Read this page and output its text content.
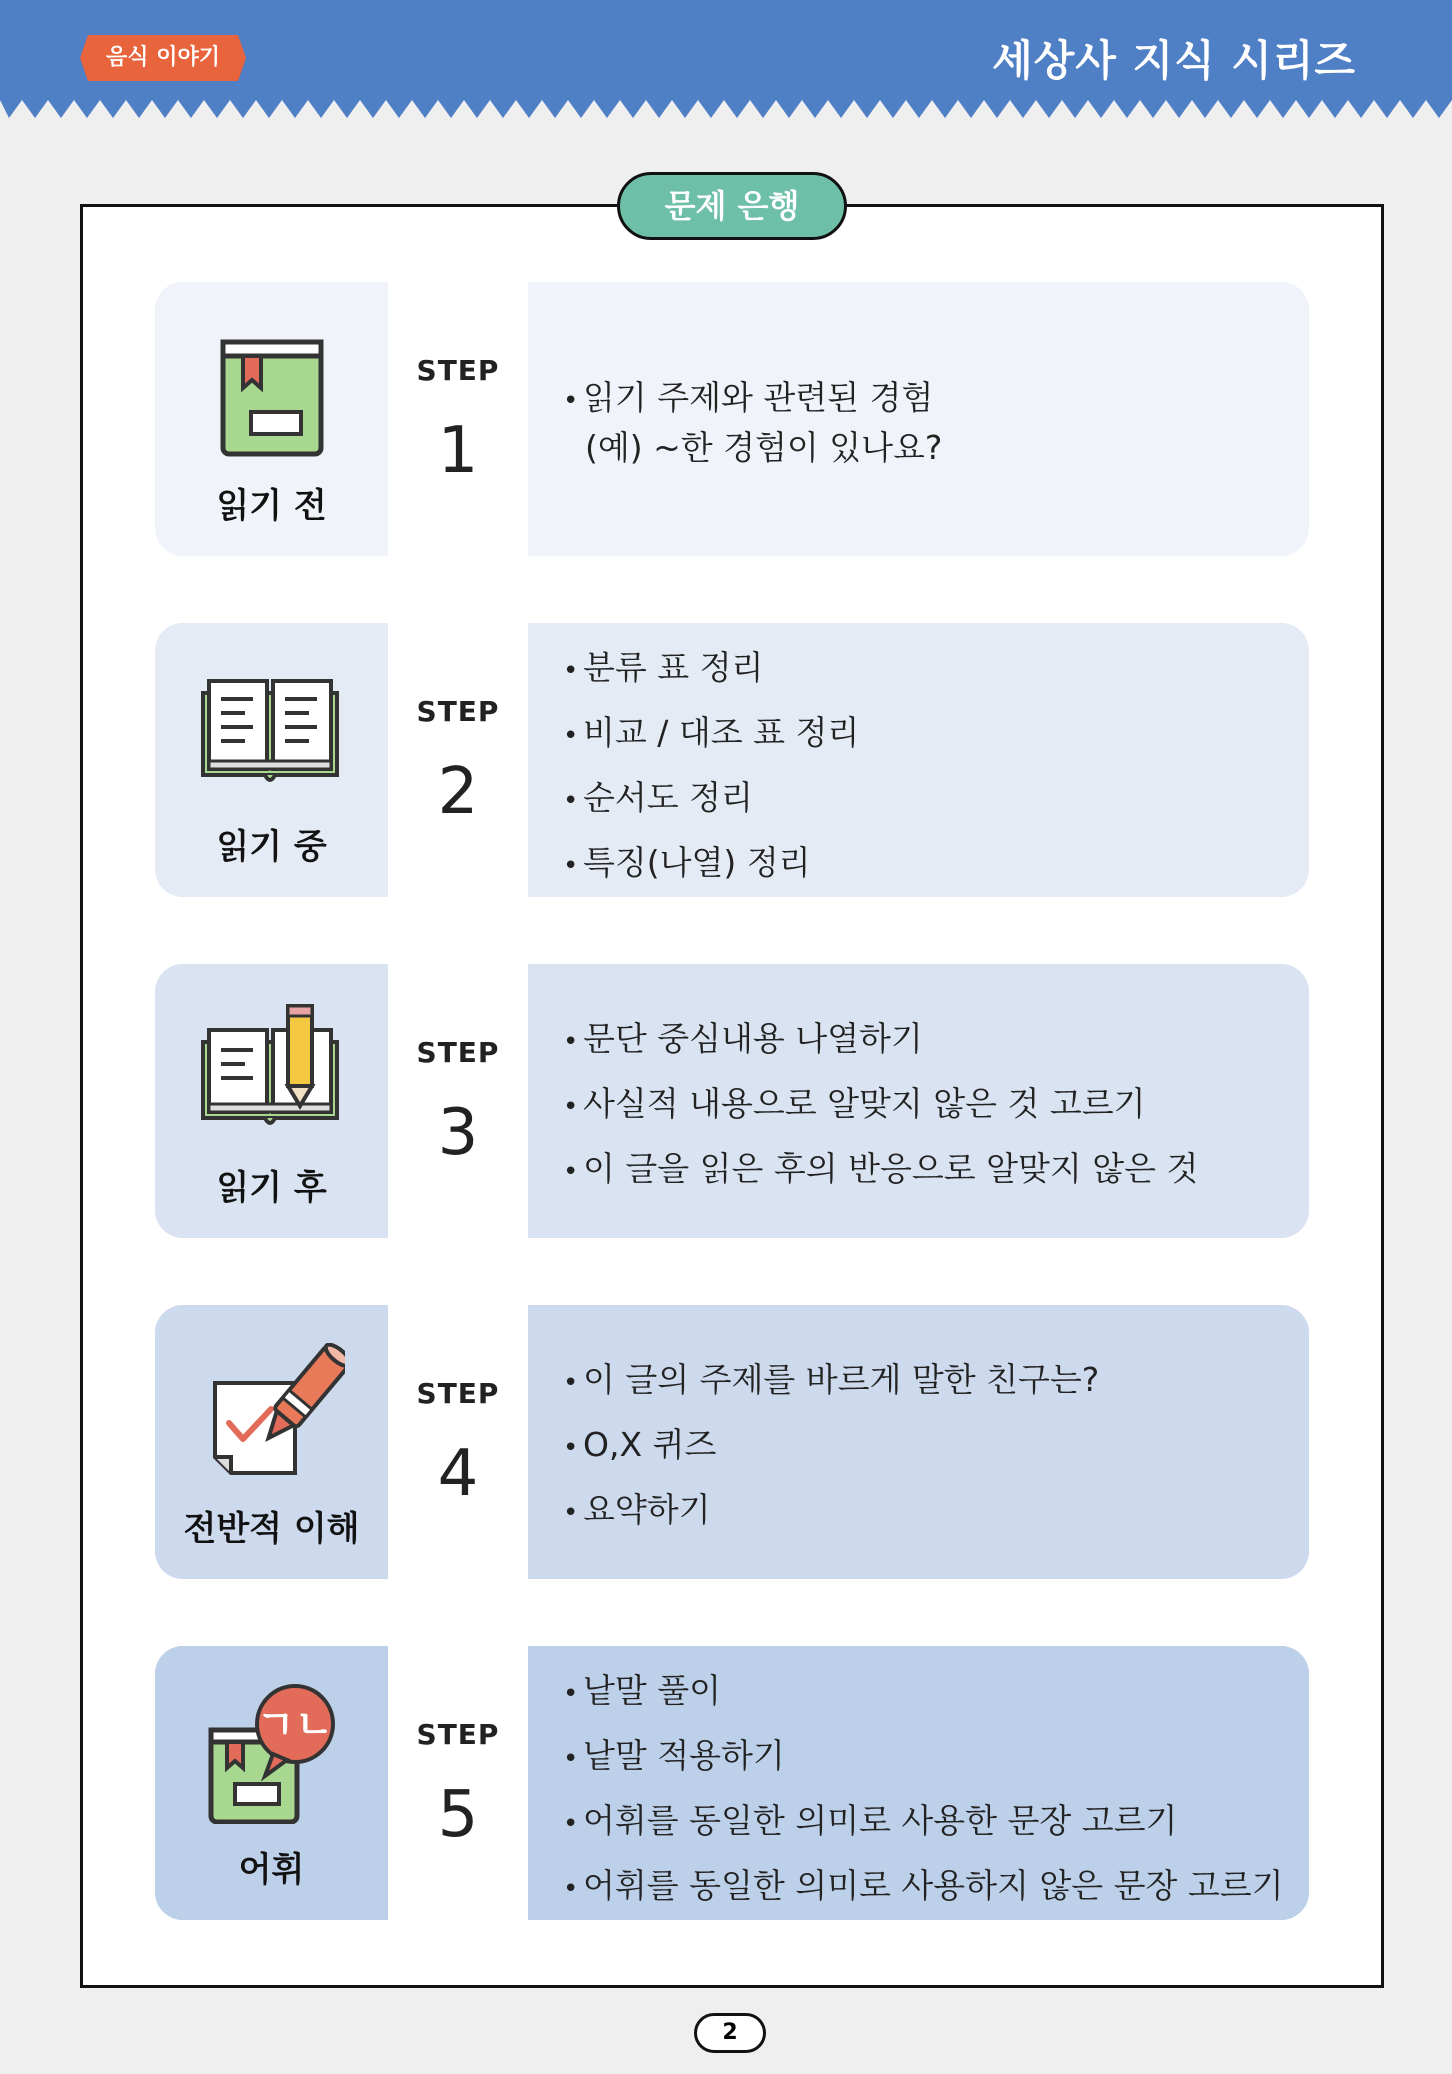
음식 이야기	세상사 지식 시리즈
문제 은행
읽기 전
STEP
1
• 읽기 주제와 관련된 경험
(예) ~한 경험이 있나요?
읽기 중
STEP
2
• 분류 표 정리
• 비교 / 대조 표 정리
• 순서도 정리
• 특징(나열) 정리
읽기 후
STEP
3
• 문단 중심내용 나열하기
• 사실적 내용으로 알맞지 않은 것 고르기
• 이 글을 읽은 후의 반응으로 알맞지 않은 것
전반적 이해
STEP
4
• 이 글의 주제를 바르게 말한 친구는?
• O,X 퀴즈
• 요약하기
ㄱㄴ
어휘
STEP
5
• 낱말 풀이
• 낱말 적용하기
• 어휘를 동일한 의미로 사용한 문장 고르기
• 어휘를 동일한 의미로 사용하지 않은 문장 고르기
2
